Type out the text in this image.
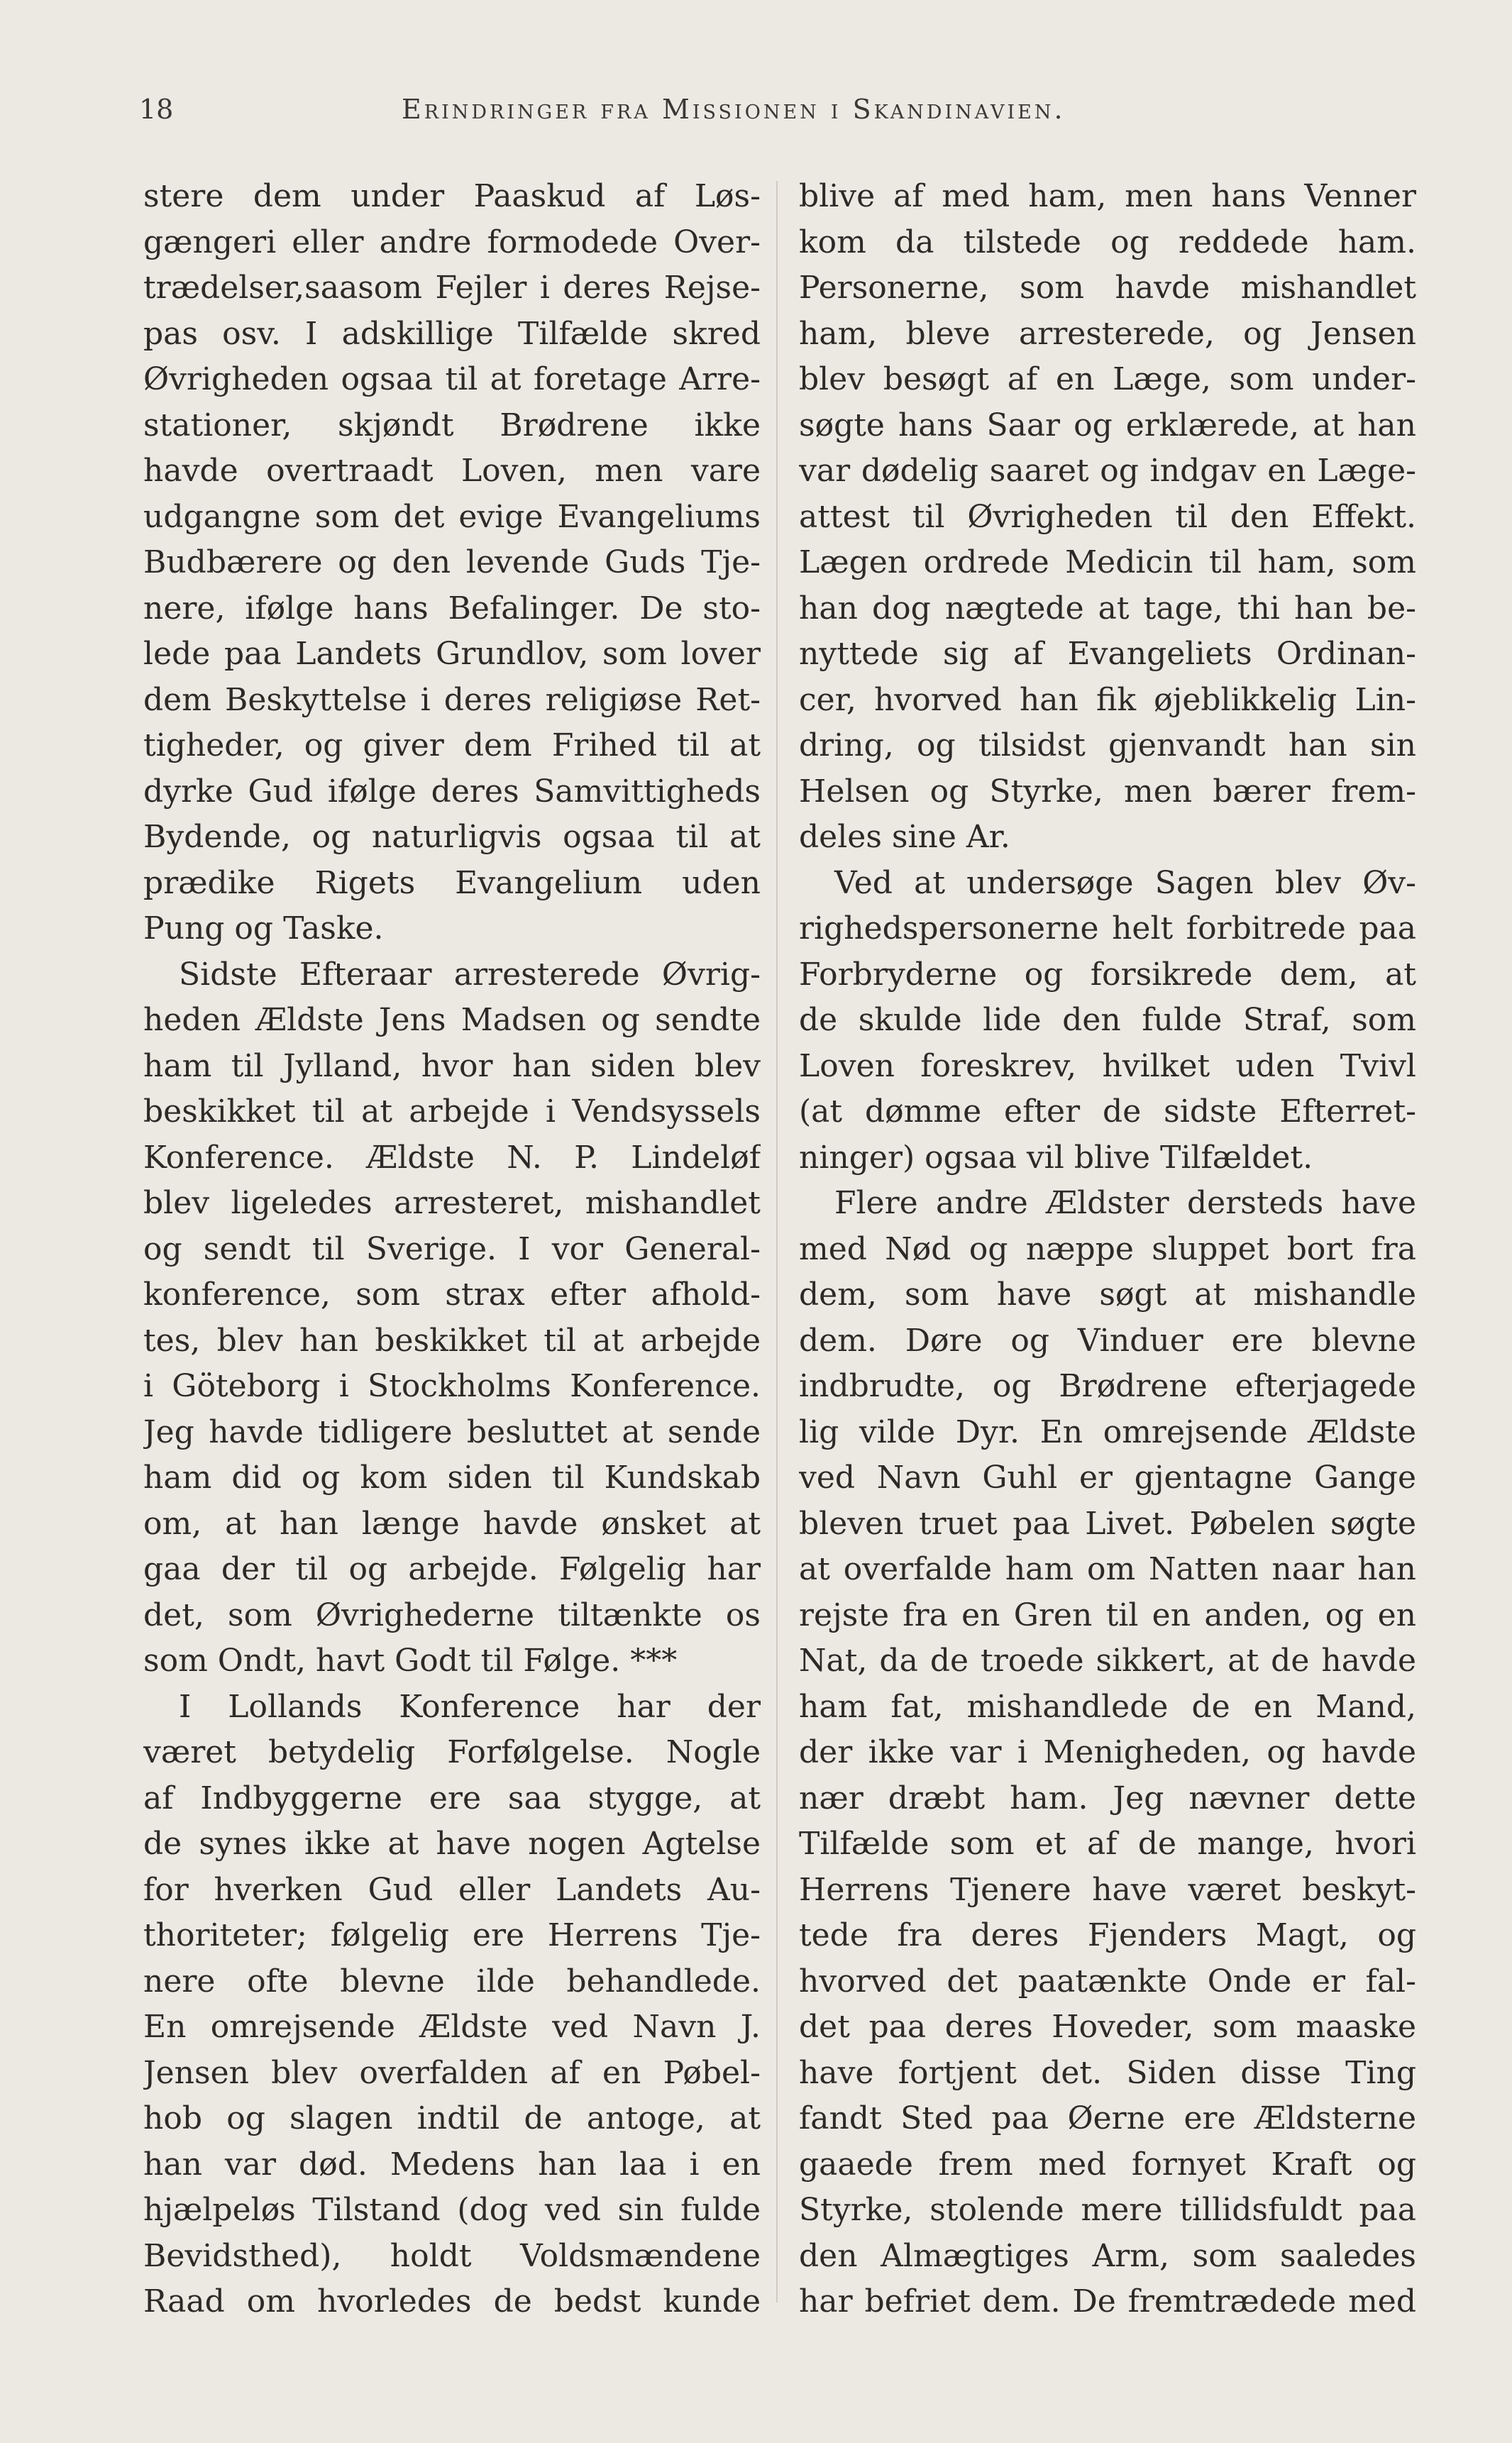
18	Erindringer fra Missionen i Skandinavien.
stere dem under Paaskud af Løs-
gængeri eller andre formodede Over-
trædelser,saasom Fejler i deres Rejse-
pas osv. I adskillige Tilfælde skred
Øvrigheden ogsaa til at foretage Arre-
stationer, skjøndt Brødrene ikke
havde overtraadt Loven, men vare
udgangne som det evige Evangeliums
Budbærere og den levende Guds Tje-
nere, ifølge hans Befalinger. De sto-
lede paa Landets Grundlov, som lover
dem Beskyttelse i deres religiøse Ret-
tigheder, og giver dem Frihed til at
dyrke Gud ifølge deres Samvittigheds
Bydende, og naturligvis ogsaa til at
prædike Rigets Evangelium uden
Pung og Taske.
Sidste Efteraar arresterede Øvrig-
heden Ældste Jens Madsen og sendte
ham til Jylland, hvor han siden blev
beskikket til at arbejde i Vendsyssels
Konference. Ældste N. P. Lindeløf
blev ligeledes arresteret, mishandlet
og sendt til Sverige. I vor General-
konference, som strax efter afhold-
tes, blev han beskikket til at arbejde
i Göteborg i Stockholms Konference.
Jeg havde tidligere besluttet at sende
ham did og kom siden til Kundskab
om, at han længe havde ønsket at
gaa der til og arbejde. Følgelig har
det, som Øvrighederne tiltænkte os
som Ondt, havt Godt til Følge. ***
I Lollands Konference har der
været betydelig Forfølgelse. Nogle
af Indbyggerne ere saa stygge, at
de synes ikke at have nogen Agtelse
for hverken Gud eller Landets Au-
thoriteter; følgelig ere Herrens Tje-
nere ofte blevne ilde behandlede.
En omrejsende Ældste ved Navn J.
Jensen blev overfalden af en Pøbel-
hob og slagen indtil de antoge, at
han var død. Medens han laa i en
hjælpeløs Tilstand (dog ved sin fulde
Bevidsthed), holdt Voldsmændene
Raad om hvorledes de bedst kunde
blive af med ham, men hans Venner
kom da tilstede og reddede ham.
Personerne, som havde mishandlet
ham, bleve arresterede, og Jensen
blev besøgt af en Læge, som under-
søgte hans Saar og erklærede, at han
var dødelig saaret og indgav en Læge-
attest til Øvrigheden til den Effekt.
Lægen ordrede Medicin til ham, som
han dog nægtede at tage, thi han be-
nyttede sig af Evangeliets Ordinan-
cer, hvorved han fik øjeblikkelig Lin-
dring, og tilsidst gjenvandt han sin
Helsen og Styrke, men bærer frem-
deles sine Ar.
Ved at undersøge Sagen blev Øv-
righedspersonerne helt forbitrede paa
Forbryderne og forsikrede dem, at
de skulde lide den fulde Straf, som
Loven foreskrev, hvilket uden Tvivl
(at dømme efter de sidste Efterret-
ninger) ogsaa vil blive Tilfældet.
Flere andre Ældster dersteds have
med Nød og næppe sluppet bort fra
dem, som have søgt at mishandle
dem. Døre og Vinduer ere blevne
indbrudte, og Brødrene efterjagede
lig vilde Dyr. En omrejsende Ældste
ved Navn Guhl er gjentagne Gange
bleven truet paa Livet. Pøbelen søgte
at overfalde ham om Natten naar han
rejste fra en Gren til en anden, og en
Nat, da de troede sikkert, at de havde
ham fat, mishandlede de en Mand,
der ikke var i Menigheden, og havde
nær dræbt ham. Jeg nævner dette
Tilfælde som et af de mange, hvori
Herrens Tjenere have været beskyt-
tede fra deres Fjenders Magt, og
hvorved det paatænkte Onde er fal-
det paa deres Hoveder, som maaske
have fortjent det. Siden disse Ting
fandt Sted paa Øerne ere Ældsterne
gaaede frem med fornyet Kraft og
Styrke, stolende mere tillidsfuldt paa
den Almægtiges Arm, som saaledes
har befriet dem. De fremtrædede med
